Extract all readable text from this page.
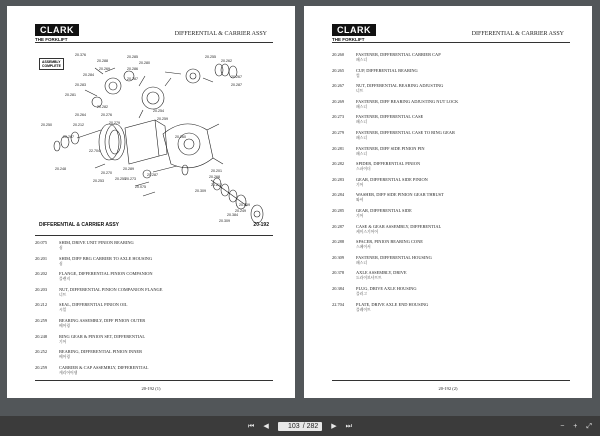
CLARK
THE FORKLIFT
DIFFERENTIAL & CARRIER ASSY
ASSEMBLY
COMPLETE
20.376	20.285
20.280
20.288
20.269	20.286
20.287
20.284
20.283
20.281
20.282
20.255
20.262
20.267
20.287
20.276
20.279
20.212
20.254
20.259
20.267
20.250
20.264
22.704
20.289
20.273
20.248
20.270
20.255
20.287
20.253
20.075
20.260
20.309
20.201
20.268
20.212
20.259
20.384
20.249
20.309
DIFFERENTIAL & CARRIER ASSY	20-192
20.075	SHIM, DRIVE UNIT PINION BEARING
심
20.201	SHIM, DIFF BRG CARRIER TO AXLE HOUSING
심
20.202	FLANGE, DIFFERENTIAL PINION COMPANION
플랜지
20.203	NUT, DIFFERENTIAL PINION COMPANION FLANGE
너트
20.212	SEAL, DIFFERENTIAL PINION OIL
시일
20.259	BEARING ASSEMBLY, DIFF PINION OUTER
베어링
20.248	RING GEAR & PINION SET, DIFFERENTIAL
기어
20.252	BEARING, DIFFERENTIAL PINION INNER
베어링
20.259	CARRIER & CAP ASSEMBLY, DIFFERENTIAL
캐리어어셈
20-192 (1)
CLARK
THE FORKLIFT
DIFFERENTIAL & CARRIER ASSY
20.260	FASTENER, DIFFERENTIAL CARRIER CAP
패스너
20.265	CUP, DIFFERENTIAL BEARING
컵
20.267	NUT, DIFFERENTIAL BEARING ADJUSTING
너트
20.269	FASTENER, DIFF BEARING ADJUSTING NUT LOCK
패스너
20.273	FASTENER, DIFFERENTIAL CASE
패스너
20.279	FASTENER, DIFFERENTIAL CASE TO RING GEAR
패스너
20.281	FASTENER, DIFF SIDE PINION PIN
패스너
20.282	SPIDER, DIFFERENTIAL PINION
스파이더
20.283	GEAR, DIFFERENTIAL SIDE PINION
기어
20.284	WASHER, DIFF SIDE PINION GEAR THRUST
와셔
20.285	GEAR, DIFFERENTIAL SIDE
기어
20.287	CASE & GEAR ASSEMBLY, DIFFERENTIAL
케이스기어어
20.288	SPACER, PINION BEARING CONE
스페이서
20.309	FASTENER, DIFFERENTIAL HOUSING
패스너
20.378	AXLE ASSEMBLY, DRIVE
드라이브샤프트
20.384	PLUG, DRIVE AXLE HOUSING
플러그
22.704	PLATE, DRIVE AXLE END HOUSING
플레이트
20-192 (2)
⏮ ◀
103	/ 282 ▶ ⏭	− + ⤢
